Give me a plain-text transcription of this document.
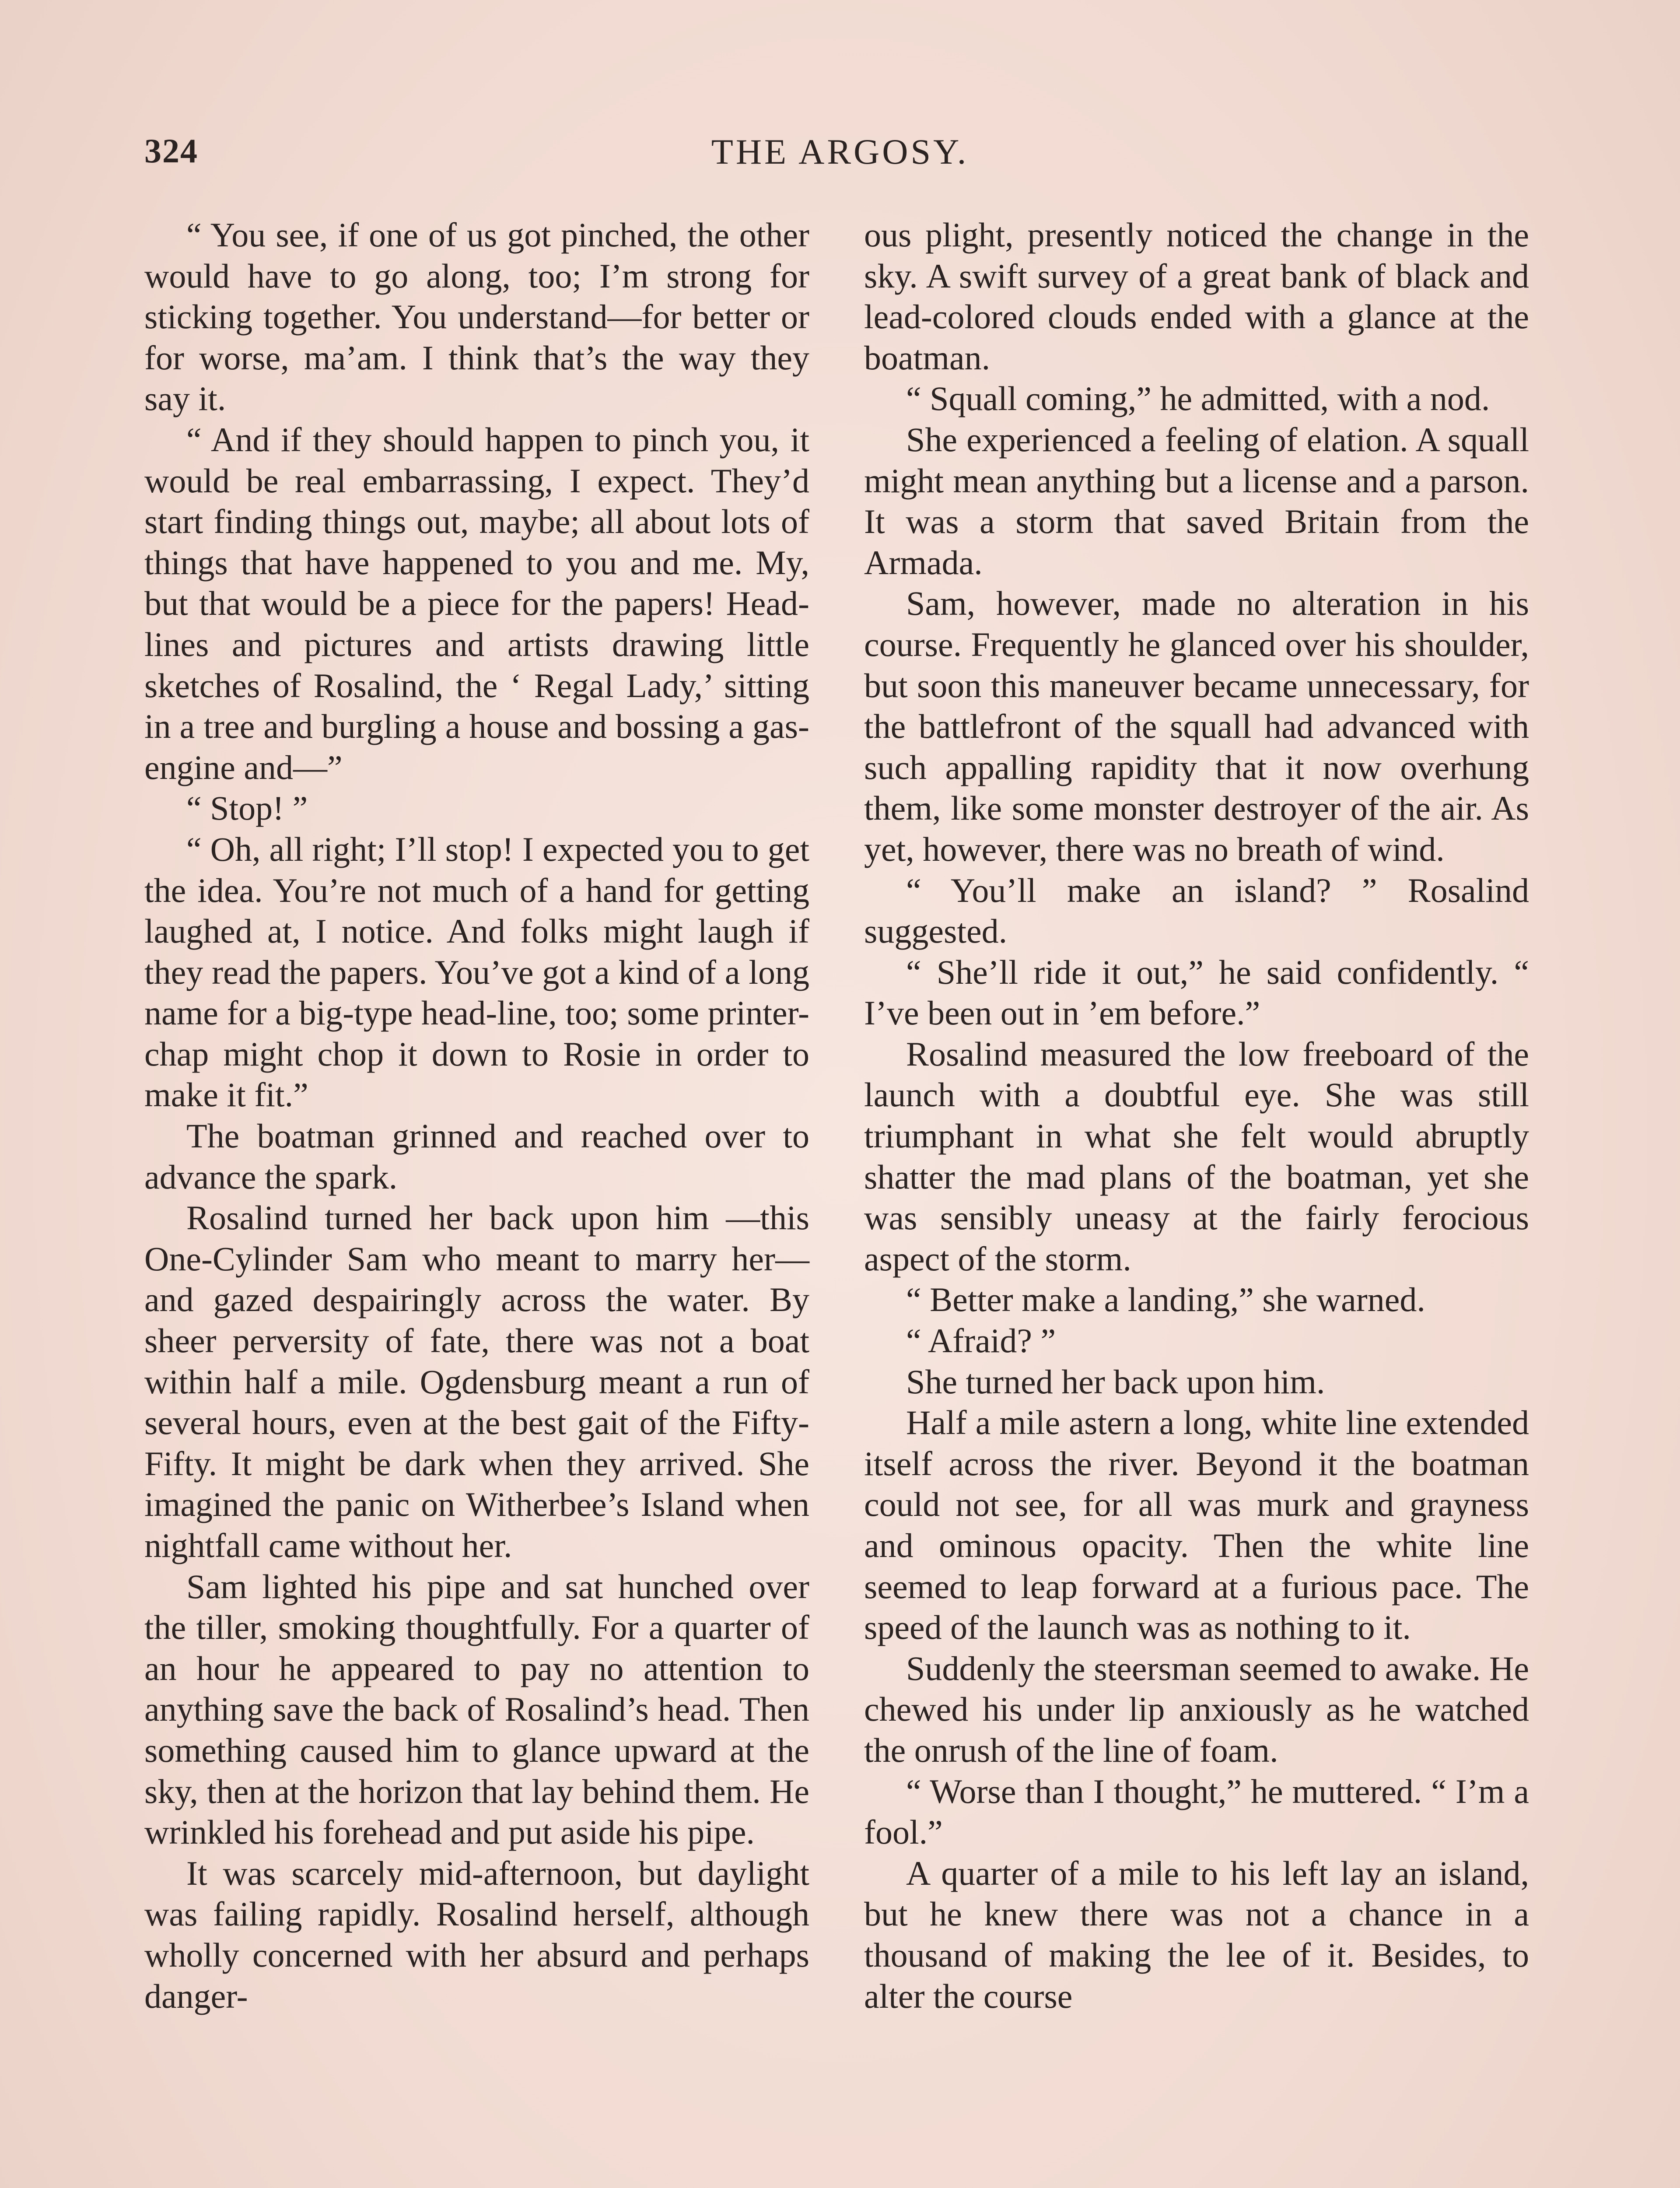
324	THE ARGOSY.

“ You see, if one of us got pinched, the other would have to go along, too; I’m strong for sticking together. You understand—for better or for worse, ma’am. I think that’s the way they say it.

“ And if they should happen to pinch you, it would be real embarrassing, I expect. They’d start finding things out, maybe; all about lots of things that have happened to you and me. My, but that would be a piece for the papers! Head-lines and pictures and artists drawing little sketches of Rosalind, the ‘ Regal Lady,’ sitting in a tree and burgling a house and bossing a gas-engine and—”

“ Stop! ”

“ Oh, all right; I’ll stop! I expected you to get the idea. You’re not much of a hand for getting laughed at, I notice. And folks might laugh if they read the papers. You’ve got a kind of a long name for a big-type head-line, too; some printer-chap might chop it down to Rosie in order to make it fit.”

The boatman grinned and reached over to advance the spark.

Rosalind turned her back upon him —this One-Cylinder Sam who meant to marry her—and gazed despairingly across the water. By sheer perversity of fate, there was not a boat within half a mile. Ogdensburg meant a run of several hours, even at the best gait of the Fifty-Fifty. It might be dark when they arrived. She imagined the panic on Witherbee’s Island when nightfall came without her.

Sam lighted his pipe and sat hunched over the tiller, smoking thoughtfully. For a quarter of an hour he appeared to pay no attention to anything save the back of Rosalind’s head. Then something caused him to glance upward at the sky, then at the horizon that lay behind them. He wrinkled his forehead and put aside his pipe.

It was scarcely mid-afternoon, but daylight was failing rapidly. Rosalind herself, although wholly concerned with her absurd and perhaps danger-

ous plight, presently noticed the change in the sky. A swift survey of a great bank of black and lead-colored clouds ended with a glance at the boatman.

“ Squall coming,” he admitted, with a nod.

She experienced a feeling of elation. A squall might mean anything but a license and a parson. It was a storm that saved Britain from the Armada.

Sam, however, made no alteration in his course. Frequently he glanced over his shoulder, but soon this maneuver became unnecessary, for the battlefront of the squall had advanced with such appalling rapidity that it now overhung them, like some monster destroyer of the air. As yet, however, there was no breath of wind.

“ You’ll make an island? ” Rosalind suggested.

“ She’ll ride it out,” he said confidently. “ I’ve been out in ’em before.”

Rosalind measured the low freeboard of the launch with a doubtful eye. She was still triumphant in what she felt would abruptly shatter the mad plans of the boatman, yet she was sensibly uneasy at the fairly ferocious aspect of the storm.

“ Better make a landing,” she warned.

“ Afraid? ”

She turned her back upon him.

Half a mile astern a long, white line extended itself across the river. Beyond it the boatman could not see, for all was murk and grayness and ominous opacity. Then the white line seemed to leap forward at a furious pace. The speed of the launch was as nothing to it.

Suddenly the steersman seemed to awake. He chewed his under lip anxiously as he watched the onrush of the line of foam.

“ Worse than I thought,” he muttered. “ I’m a fool.”

A quarter of a mile to his left lay an island, but he knew there was not a chance in a thousand of making the lee of it. Besides, to alter the course
